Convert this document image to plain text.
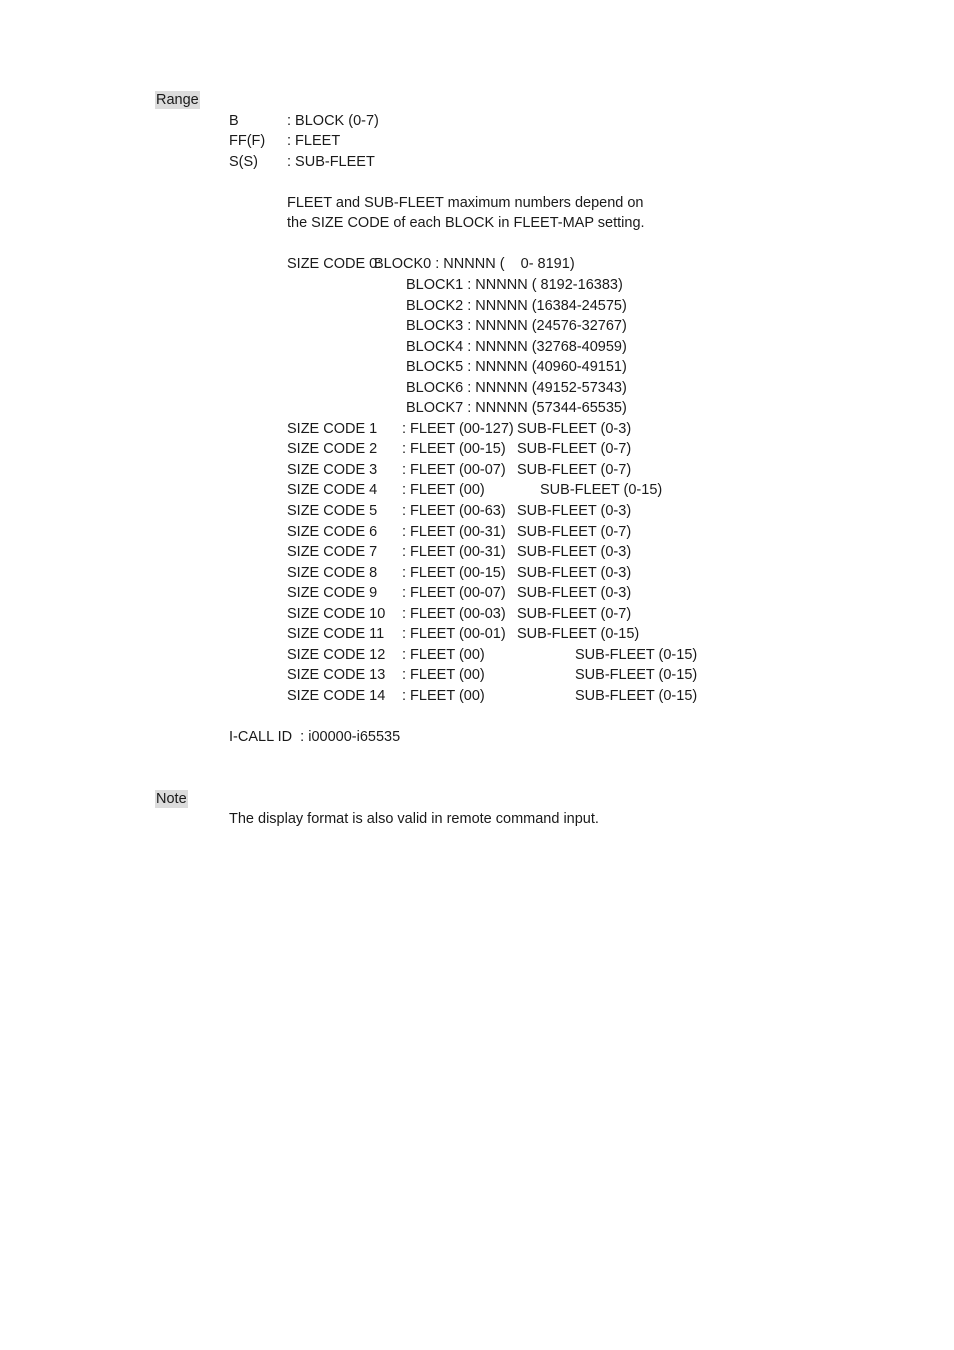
Range
B	: BLOCK (0-7)
FF(F) : FLEET
S(S) : SUB-FLEET
FLEET and SUB-FLEET maximum numbers depend on
the SIZE CODE of each BLOCK in FLEET-MAP setting.
SIZE CODE 0:
BLOCK0 : NNNNN (    0- 8191)
BLOCK1 : NNNNN ( 8192-16383)
BLOCK2 : NNNNN (16384-24575)
BLOCK3 : NNNNN (24576-32767)
BLOCK4 : NNNNN (32768-40959)
BLOCK5 : NNNNN (40960-49151)
BLOCK6 : NNNNN (49152-57343)
BLOCK7 : NNNNN (57344-65535)
SIZE CODE 1 : FLEET (00-127) SUB-FLEET (0-3)
SIZE CODE 2 : FLEET (00-15) SUB-FLEET (0-7)
SIZE CODE 3 : FLEET (00-07) SUB-FLEET (0-7)
SIZE CODE 4 : FLEET (00)	SUB-FLEET (0-15)
SIZE CODE 5 : FLEET (00-63) SUB-FLEET (0-3)
SIZE CODE 6 : FLEET (00-31) SUB-FLEET (0-7)
SIZE CODE 7 : FLEET (00-31) SUB-FLEET (0-3)
SIZE CODE 8 : FLEET (00-15) SUB-FLEET (0-3)
SIZE CODE 9 : FLEET (00-07) SUB-FLEET (0-3)
SIZE CODE 10 : FLEET (00-03) SUB-FLEET (0-7)
SIZE CODE 11 : FLEET (00-01) SUB-FLEET (0-15)
SIZE CODE 12 : FLEET (00)	SUB-FLEET (0-15)
SIZE CODE 13 : FLEET (00)	SUB-FLEET (0-15)
SIZE CODE 14 : FLEET (00)	SUB-FLEET (0-15)
I-CALL ID  : i00000-i65535
Note
The display format is also valid in remote command input.
